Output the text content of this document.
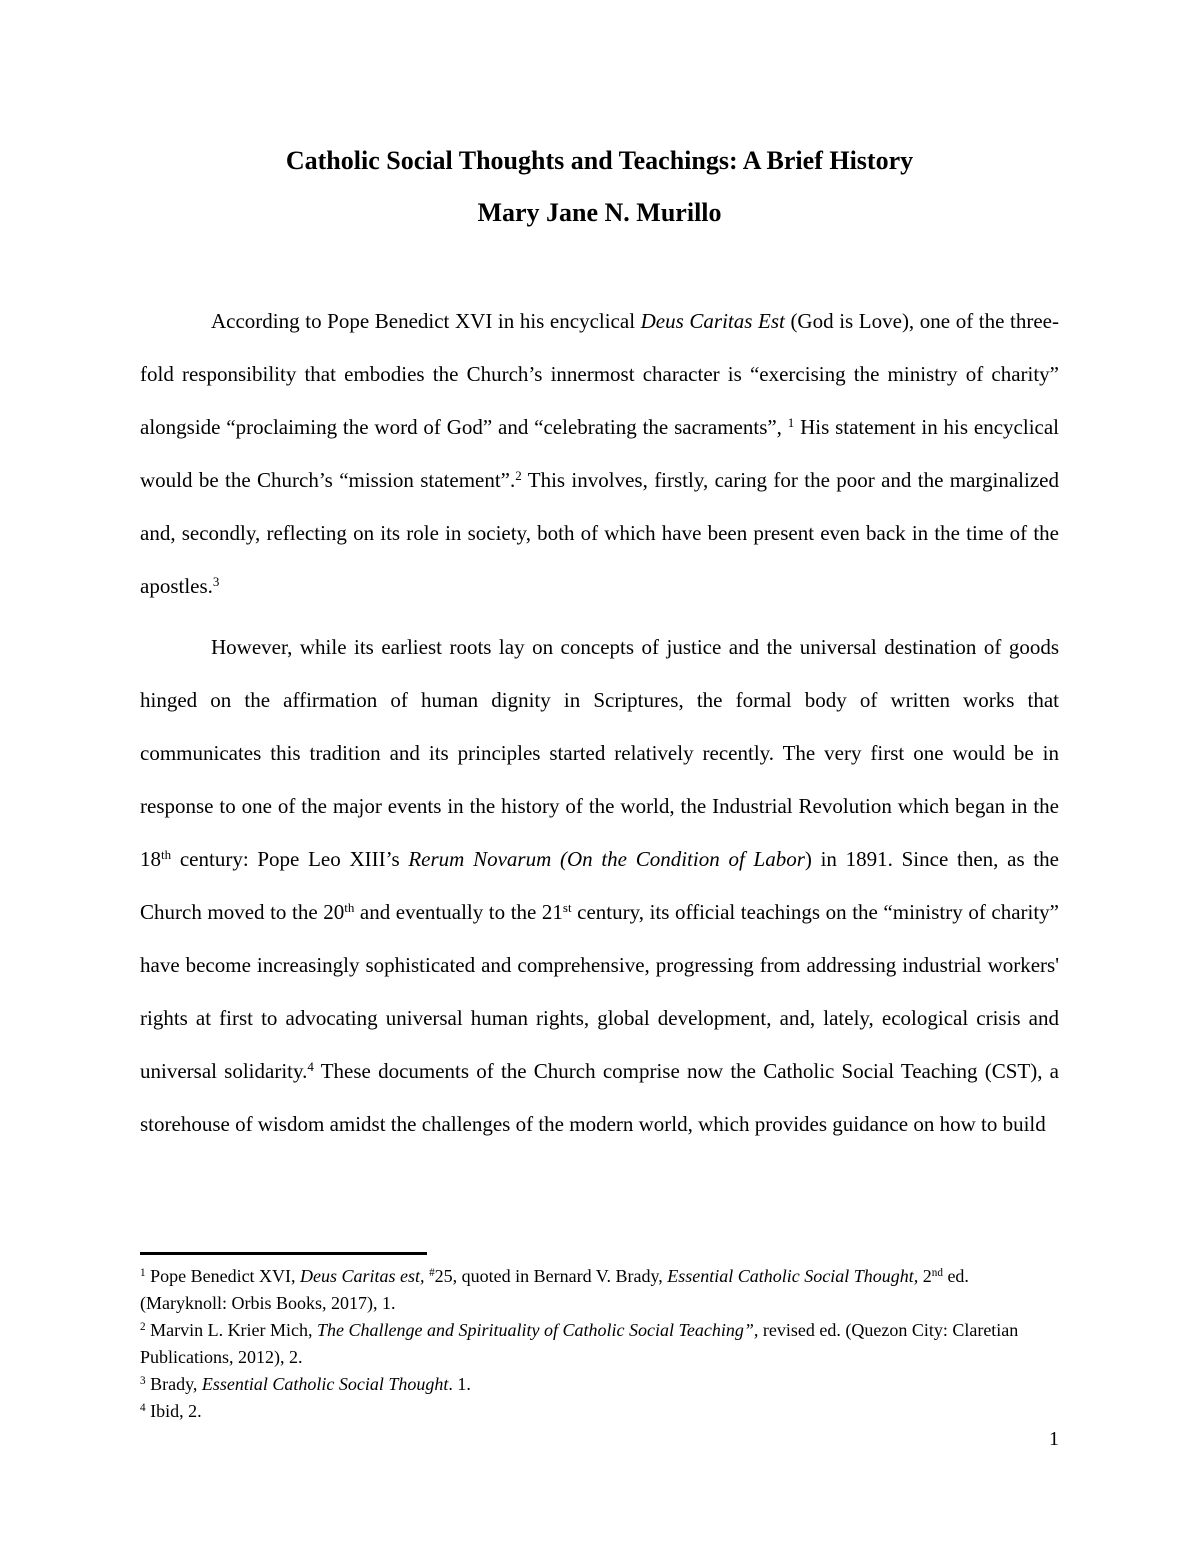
Catholic Social Thoughts and Teachings: A Brief History

Mary Jane N. Murillo

According to Pope Benedict XVI in his encyclical Deus Caritas Est (God is Love), one of the three-fold responsibility that embodies the Church’s innermost character is “exercising the ministry of charity” alongside “proclaiming the word of God” and “celebrating the sacraments”, $^1$ His statement in his encyclical would be the Church’s “mission statement”.$^2$ This involves, firstly, caring for the poor and the marginalized and, secondly, reflecting on its role in society, both of which have been present even back in the time of the apostles.$^3$

However, while its earliest roots lay on concepts of justice and the universal destination of goods hinged on the affirmation of human dignity in Scriptures, the formal body of written works that communicates this tradition and its principles started relatively recently. The very first one would be in response to one of the major events in the history of the world, the Industrial Revolution which began in the 18th century: Pope Leo XIII’s Rerum Novarum (On the Condition of Labor) in 1891. Since then, as the Church moved to the 20th and eventually to the 21st century, its official teachings on the “ministry of charity” have become increasingly sophisticated and comprehensive, progressing from addressing industrial workers' rights at first to advocating universal human rights, global development, and, lately, ecological crisis and universal solidarity.$^4$ These documents of the Church comprise now the Catholic Social Teaching (CST), a storehouse of wisdom amidst the challenges of the modern world, which provides guidance on how to build

$^1$ Pope Benedict XVI, Deus Caritas est, #25, quoted in Bernard V. Brady, Essential Catholic Social Thought, 2nd ed. (Maryknoll: Orbis Books, 2017), 1.
$^2$ Marvin L. Krier Mich, The Challenge and Spirituality of Catholic Social Teaching”, revised ed. (Quezon City: Claretian Publications, 2012), 2.
$^3$ Brady, Essential Catholic Social Thought. 1.
$^4$ Ibid, 2.
1
